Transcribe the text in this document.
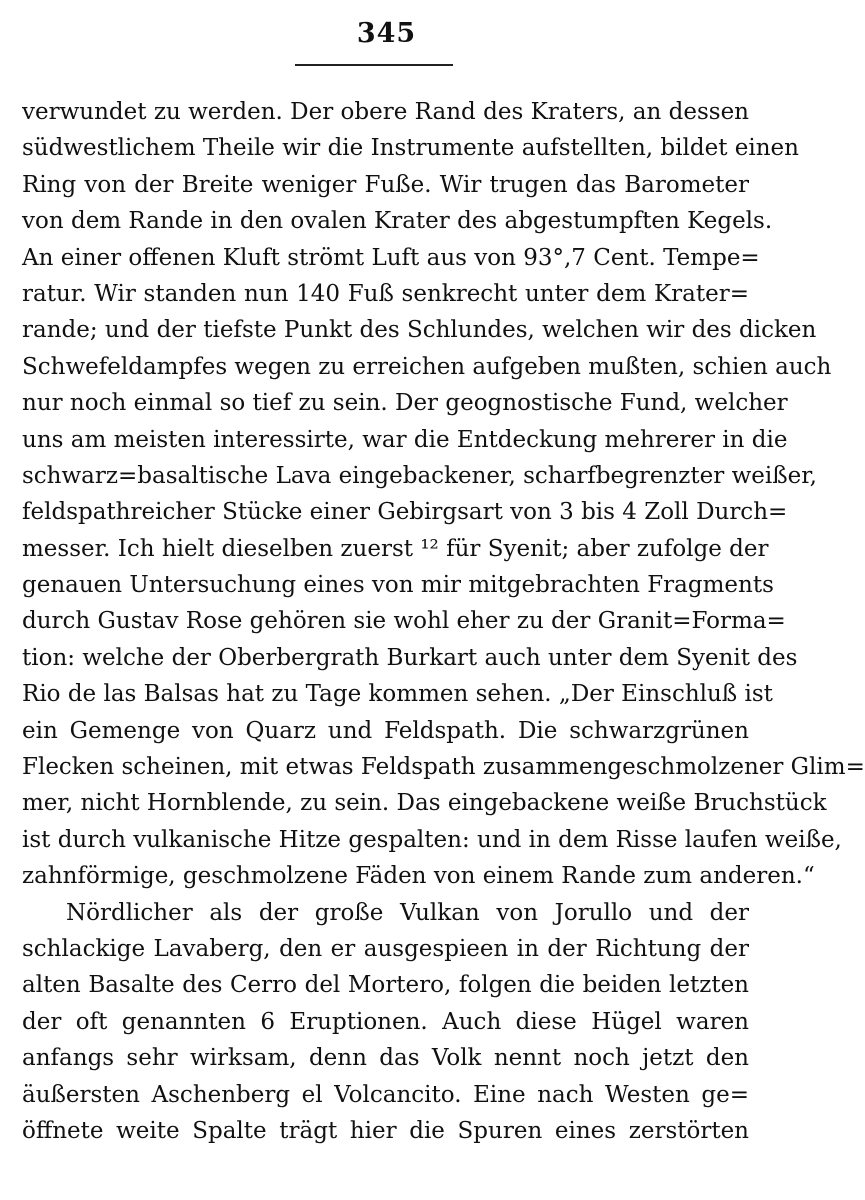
345
verwundet zu werden. Der obere Rand des Kraters, an dessen
südwestlichem Theile wir die Instrumente aufstellten, bildet einen
Ring von der Breite weniger Fuße. Wir trugen das Barometer
von dem Rande in den ovalen Krater des abgestumpften Kegels.
An einer offenen Kluft strömt Luft aus von 93°,7 Cent. Tempe=
ratur. Wir standen nun 140 Fuß senkrecht unter dem Krater=
rande; und der tiefste Punkt des Schlundes, welchen wir des dicken
Schwefeldampfes wegen zu erreichen aufgeben mußten, schien auch
nur noch einmal so tief zu sein. Der geognostische Fund, welcher
uns am meisten interessirte, war die Entdeckung mehrerer in die
schwarz=basaltische Lava eingebackener, scharfbegrenzter weißer,
feldspathreicher Stücke einer Gebirgsart von 3 bis 4 Zoll Durch=
messer. Ich hielt dieselben zuerst ¹² für Syenit; aber zufolge der
genauen Untersuchung eines von mir mitgebrachten Fragments
durch Gustav Rose gehören sie wohl eher zu der Granit=Forma=
tion: welche der Oberbergrath Burkart auch unter dem Syenit des
Rio de las Balsas hat zu Tage kommen sehen. „Der Einschluß ist
ein Gemenge von Quarz und Feldspath. Die schwarzgrünen
Flecken scheinen, mit etwas Feldspath zusammengeschmolzener Glim=
mer, nicht Hornblende, zu sein. Das eingebackene weiße Bruchstück
ist durch vulkanische Hitze gespalten: und in dem Risse laufen weiße,
zahnförmige, geschmolzene Fäden von einem Rande zum anderen.“
Nördlicher als der große Vulkan von Jorullo und der
schlackige Lavaberg, den er ausgespieen in der Richtung der
alten Basalte des Cerro del Mortero, folgen die beiden letzten
der oft genannten 6 Eruptionen. Auch diese Hügel waren
anfangs sehr wirksam, denn das Volk nennt noch jetzt den
äußersten Aschenberg el Volcancito. Eine nach Westen ge=
öffnete weite Spalte trägt hier die Spuren eines zerstörten
